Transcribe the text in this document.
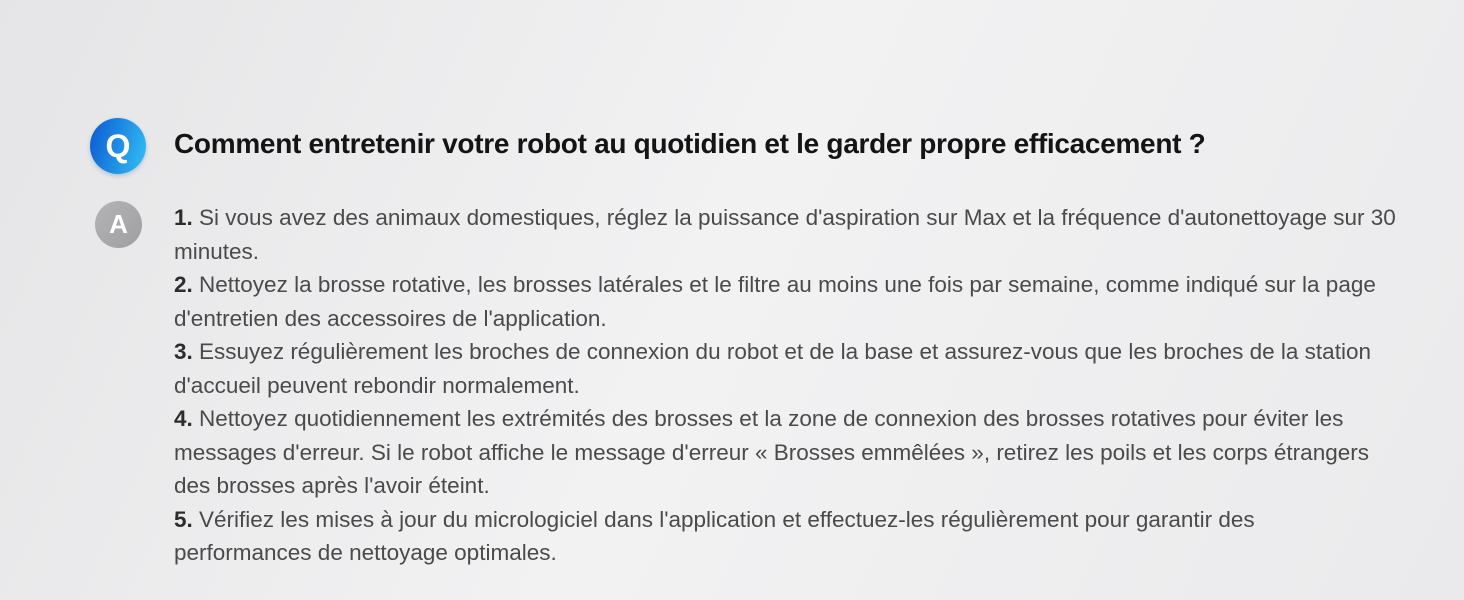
Q Comment entretenir votre robot au quotidien et le garder propre efficacement ?
A 1. Si vous avez des animaux domestiques, réglez la puissance d'aspiration sur Max et la fréquence d'autonettoyage sur 30 minutes.

2. Nettoyez la brosse rotative, les brosses latérales et le filtre au moins une fois par semaine, comme indiqué sur la page d'entretien des accessoires de l'application.

3. Essuyez régulièrement les broches de connexion du robot et de la base et assurez-vous que les broches de la station d'accueil peuvent rebondir normalement.

4. Nettoyez quotidiennement les extrémités des brosses et la zone de connexion des brosses rotatives pour éviter les messages d'erreur. Si le robot affiche le message d'erreur « Brosses emmêlées », retirez les poils et les corps étrangers des brosses après l'avoir éteint.

5. Vérifiez les mises à jour du micrologiciel dans l'application et effectuez-les régulièrement pour garantir des performances de nettoyage optimales.
